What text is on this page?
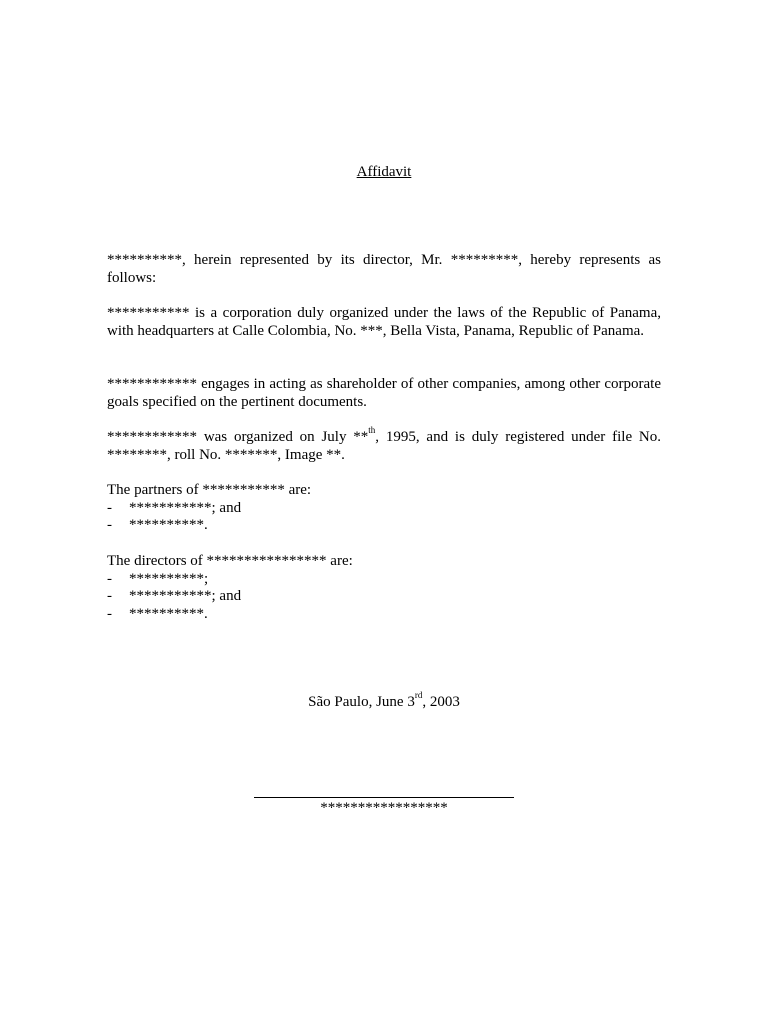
Affidavit

**********, herein represented by its director, Mr. *********, hereby represents as follows:

*********** is a corporation duly organized under the laws of the Republic of Panama, with headquarters at Calle Colombia, No. ***, Bella Vista, Panama, Republic of Panama.

************ engages in acting as shareholder of other companies, among other corporate goals specified on the pertinent documents.

************ was organized on July **$^{th}$, 1995, and is duly registered under file No. ********, roll No. *******, Image **.

The partners of *********** are:
-	***********; and
-	**********.
The directors of **************** are:
-	**********;
-	***********; and
-	**********.
São Paulo, June 3rd, 2003
*****************
